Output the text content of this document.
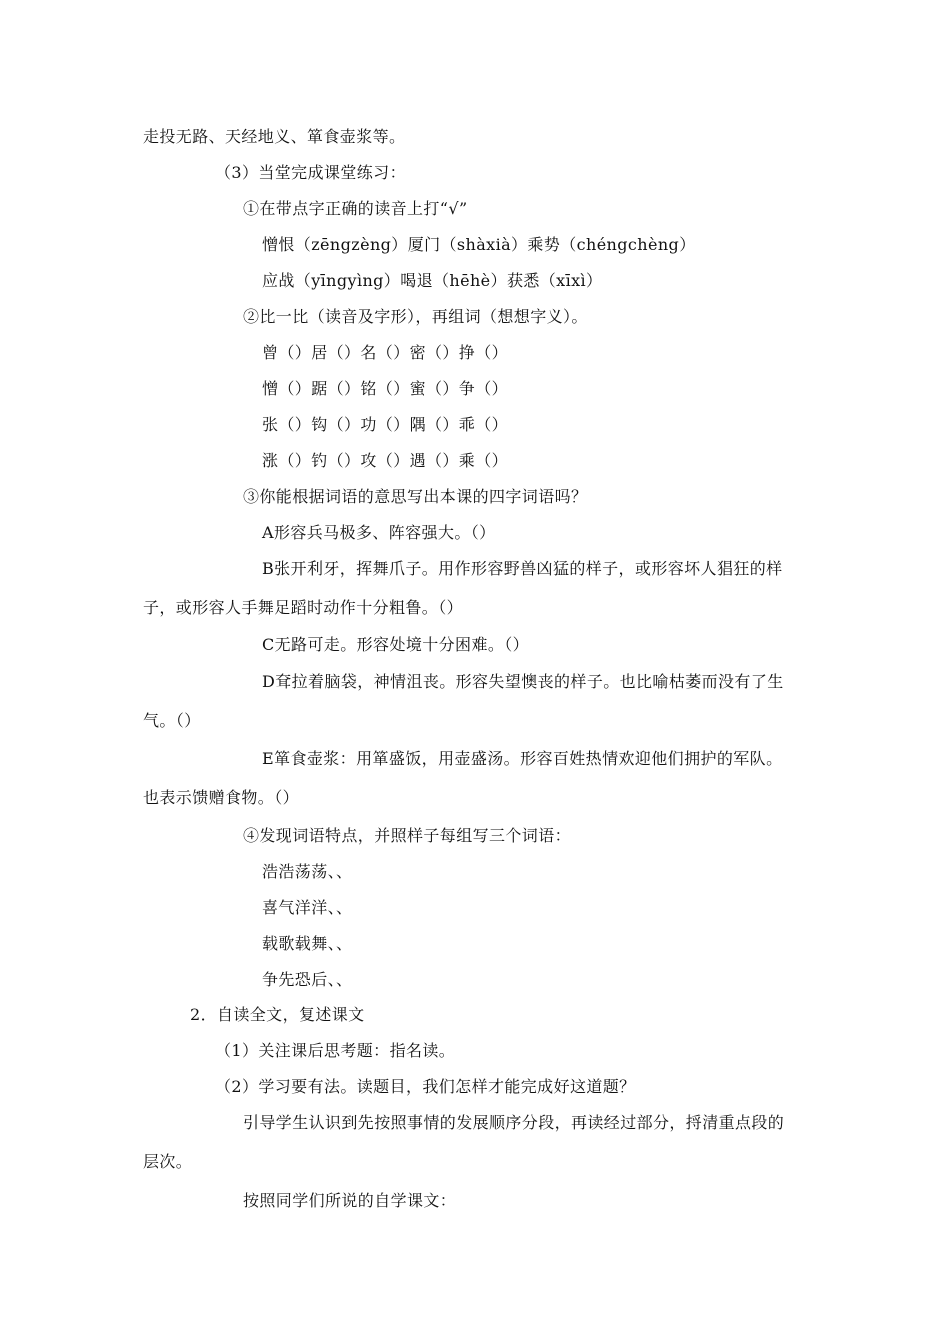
走投无路、天经地义、箪食壶浆等。
（3）当堂完成课堂练习：
①在带点字正确的读音上打“√”
憎恨（zēngzèng）厦门（shàxià）乘势（chéngchèng）
应战（yīngyìng）喝退（hēhè）获悉（xīxì）
②比一比（读音及字形），再组词（想想字义）。
曾（）居（）名（）密（）挣（）
憎（）踞（）铭（）蜜（）争（）
张（）钩（）功（）隅（）乖（）
涨（）钓（）攻（）遇（）乘（）
③你能根据词语的意思写出本课的四字词语吗？
A形容兵马极多、阵容强大。（）
B张开利牙，挥舞爪子。用作形容野兽凶猛的样子，或形容坏人猖狂的样
子，或形容人手舞足蹈时动作十分粗鲁。（）
C无路可走。形容处境十分困难。（）
D耷拉着脑袋，神情沮丧。形容失望懊丧的样子。也比喻枯萎而没有了生
气。（）
E箪食壶浆：用箪盛饭，用壶盛汤。形容百姓热情欢迎他们拥护的军队。
也表示馈赠食物。（）
④发现词语特点，并照样子每组写三个词语：
浩浩荡荡、、
喜气洋洋、、
载歌载舞、、
争先恐后、、
2．自读全文，复述课文
（1）关注课后思考题：指名读。
（2）学习要有法。读题目，我们怎样才能完成好这道题？
引导学生认识到先按照事情的发展顺序分段，再读经过部分，捋清重点段的
层次。
按照同学们所说的自学课文：
